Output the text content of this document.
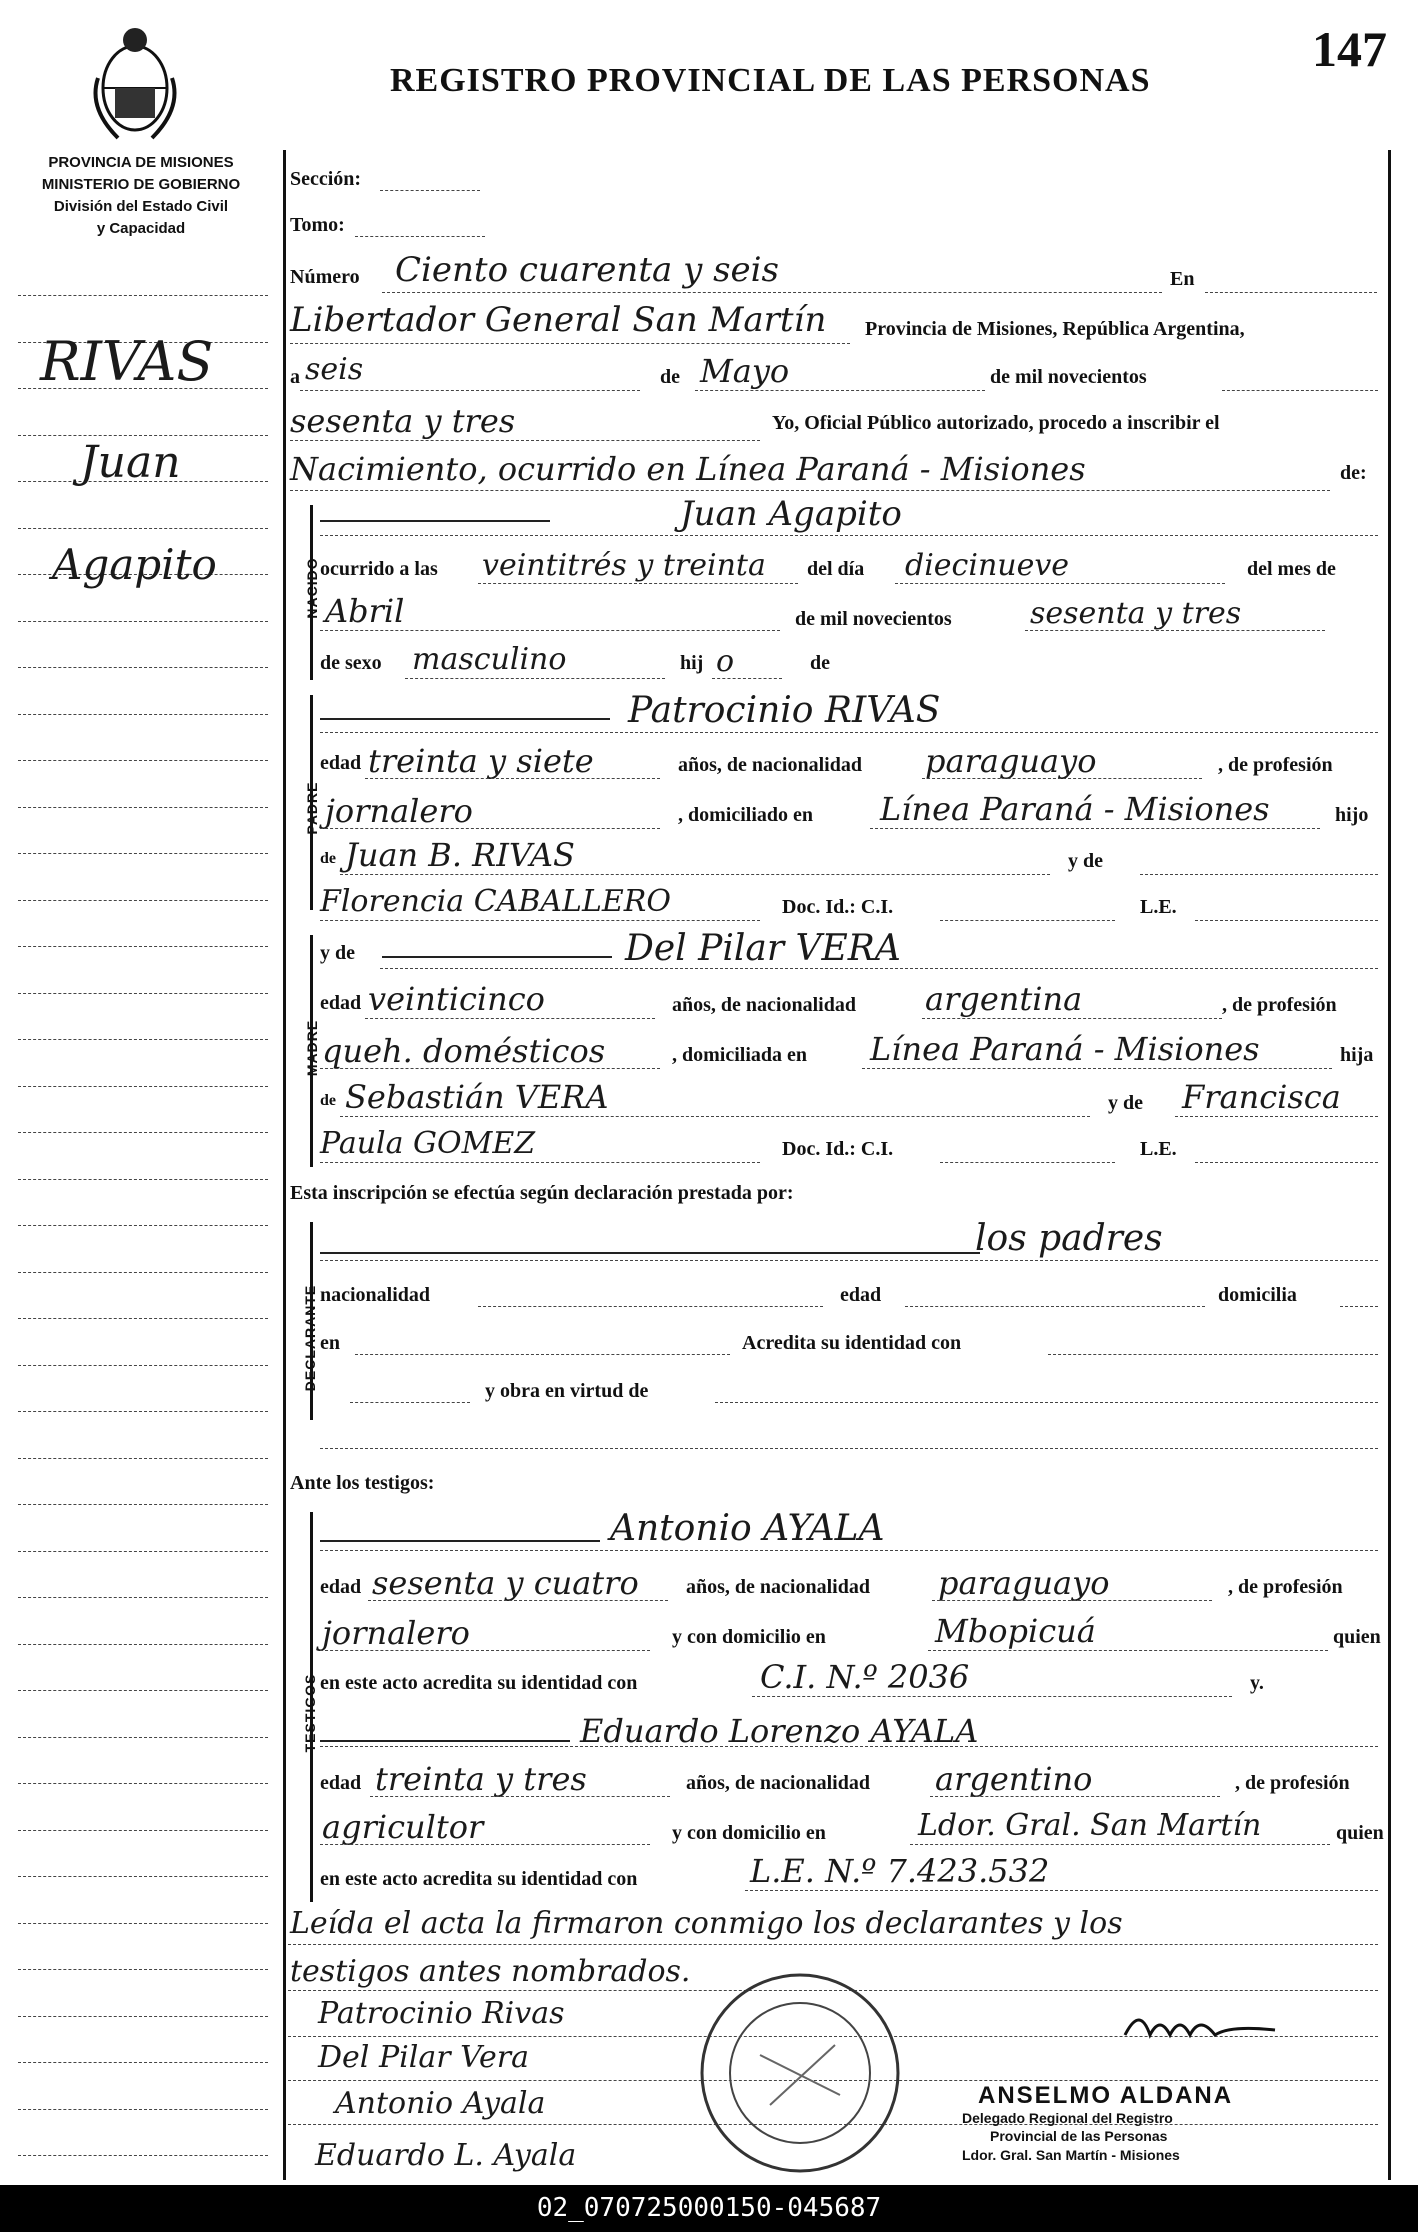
REGISTRO PROVINCIAL DE LAS PERSONAS
147
PROVINCIA DE MISIONES
MINISTERIO DE GOBIERNO
División del Estado Civil
y Capacidad
RIVAS
Juan
Agapito
Sección:
Tomo:
Número Ciento cuarenta y seis	En
Libertador General San Martín Provincia de Misiones, República Argentina,
a seis	de Mayo	de mil novecientos
sesenta y tres	Yo, Oficial Público autorizado, procedo a inscribir el
Nacimiento, ocurrido en Línea Paraná - Misiones	de:
NACIDO
Juan Agapito
ocurrido a las veintitrés y treinta del día diecinueve	del mes de
Abril	de mil novecientos	sesenta y tres
de sexo masculino	hij o	de
PADRE
Patrocinio RIVAS
edad treinta y siete	años, de nacionalidad paraguayo	, de profesión
jornalero	, domiciliado en Línea Paraná - Misiones	hijo
de Juan B. RIVAS	y de
Florencia CABALLERO	Doc. Id.: C.I.	L.E.
MADRE
y de	Del Pilar VERA
edad veinticinco	años, de nacionalidad argentina	, de profesión
queh. domésticos	, domiciliada en Línea Paraná - Misiones	hija
de Sebastián VERA	y de Francisca
Paula GOMEZ	Doc. Id.: C.I.	L.E.
Esta inscripción se efectúa según declaración prestada por:
DECLARANTE
los padres
nacionalidad	edad	domicilia
en	Acredita su identidad con
y obra en virtud de
Ante los testigos:
TESTIGOS
Antonio AYALA
edad sesenta y cuatro años, de nacionalidad paraguayo	, de profesión
jornalero	y con domicilio en	Mbopicuá	quien
en este acto acredita su identidad con	C.I. N.º 2036	y.
Eduardo Lorenzo AYALA
edad treinta y tres	años, de nacionalidad argentino	, de profesión
agricultor	y con domicilio en	Ldor. Gral. San Martín	quien
en este acto acredita su identidad con	L.E. N.º 7.423.532
Leída el acta la firmaron conmigo los declarantes y los
testigos antes nombrados.
Patrocinio Rivas
Del Pilar Vera
Antonio Ayala
Eduardo L. Ayala
ANSELMO ALDANA
Delegado Regional del Registro
Provincial de las Personas
Ldor. Gral. San Martín - Misiones
02_070725000150-045687
